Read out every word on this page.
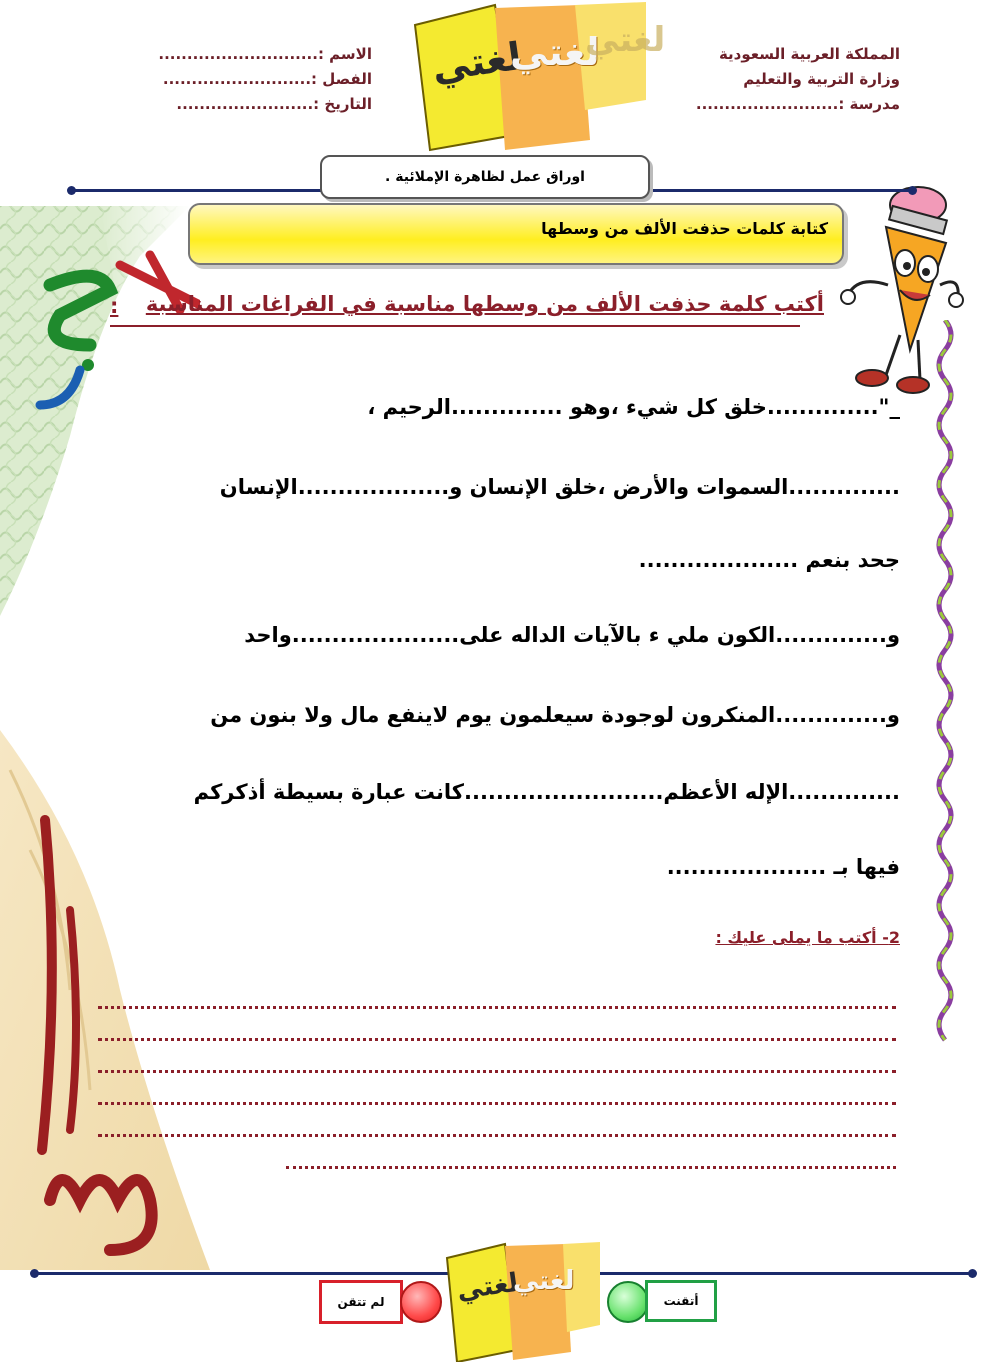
المملكة العربية السعودية
وزارة التربية والتعليم
مدرسة :.........................
الاسم :............................
الفصل :..........................
التاريخ :........................
لغتي
لغتي
لغتي
اوراق عمل لظاهرة الإملائية .
كتابة كلمات حذفت الألف من وسطها
أكتب كلمة حذفت الألف من وسطها مناسبة في الفراغات المناسبة
:
_"..............خلق كل شيء ،وهو ..............الرحيم ،
..............السموات والأرض ،خلق الإنسان و...................الإنسان
جحد بنعم ....................
و..............الكون ملي ء بالآيات الداله على.....................واحد
و..............المنكرون لوجودة سيعلمون يوم لاينفع مال ولا بنون من
..............الإله الأعظم.........................كانت عبارة بسيطة أذكركم
فيها بـ ....................
2- أكتب ما يملى عليك :
لغتي
لغتي
لم تتقن	أتقنت
